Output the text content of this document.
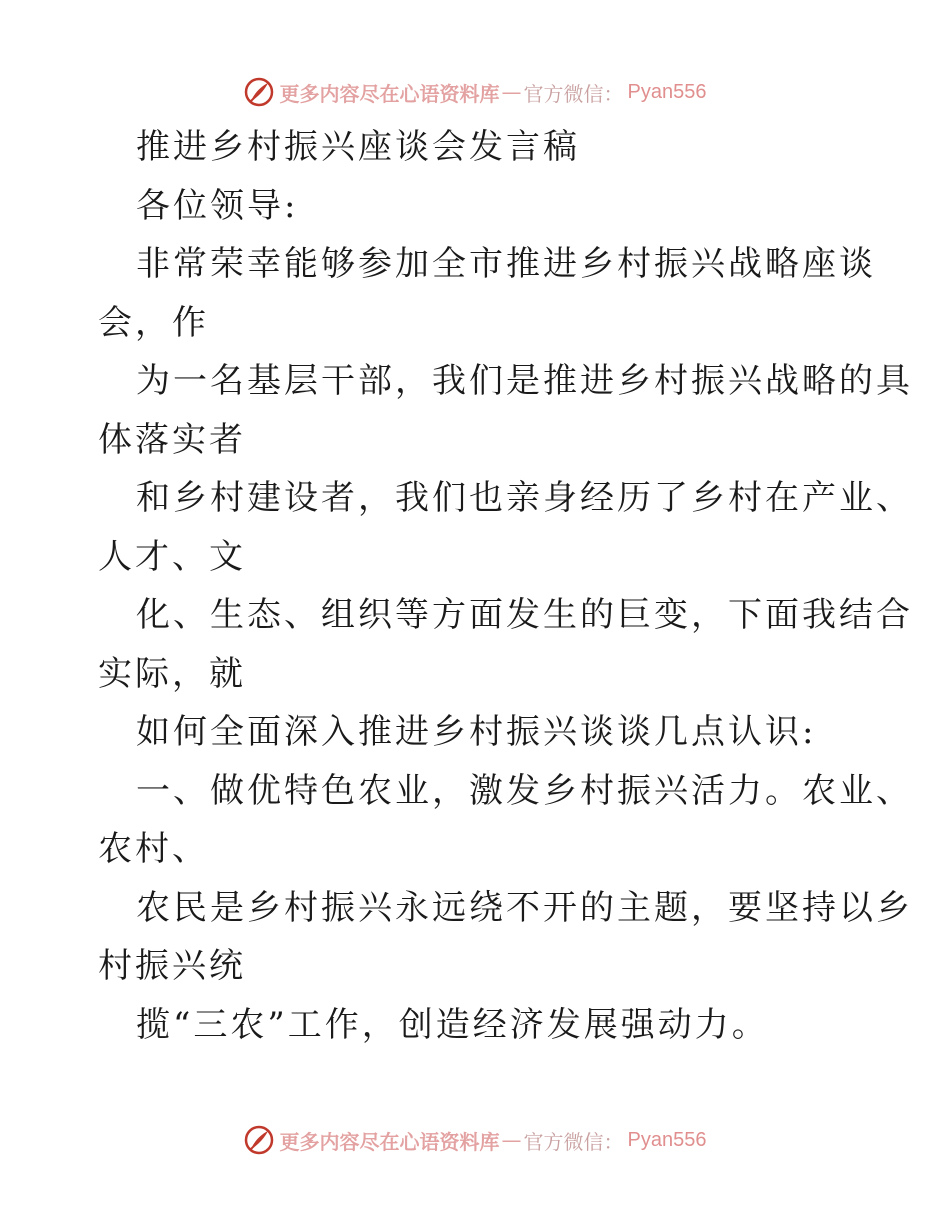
更多内容尽在心语资料库 — 官方微信： Pyan556
推进乡村振兴座谈会发言稿
各位领导:
非常荣幸能够参加全市推进乡村振兴战略座谈
会，作
为一名基层干部，我们是推进乡村振兴战略的具
体落实者
和乡村建设者，我们也亲身经历了乡村在产业、
人才、文
化、生态、组织等方面发生的巨变，下面我结合
实际，就
如何全面深入推进乡村振兴谈谈几点认识:
一、做优特色农业，激发乡村振兴活力。农业、
农村、
农民是乡村振兴永远绕不开的主题，要坚持以乡
村振兴统
揽“三农”工作，创造经济发展强动力。
更多内容尽在心语资料库 — 官方微信： Pyan556
